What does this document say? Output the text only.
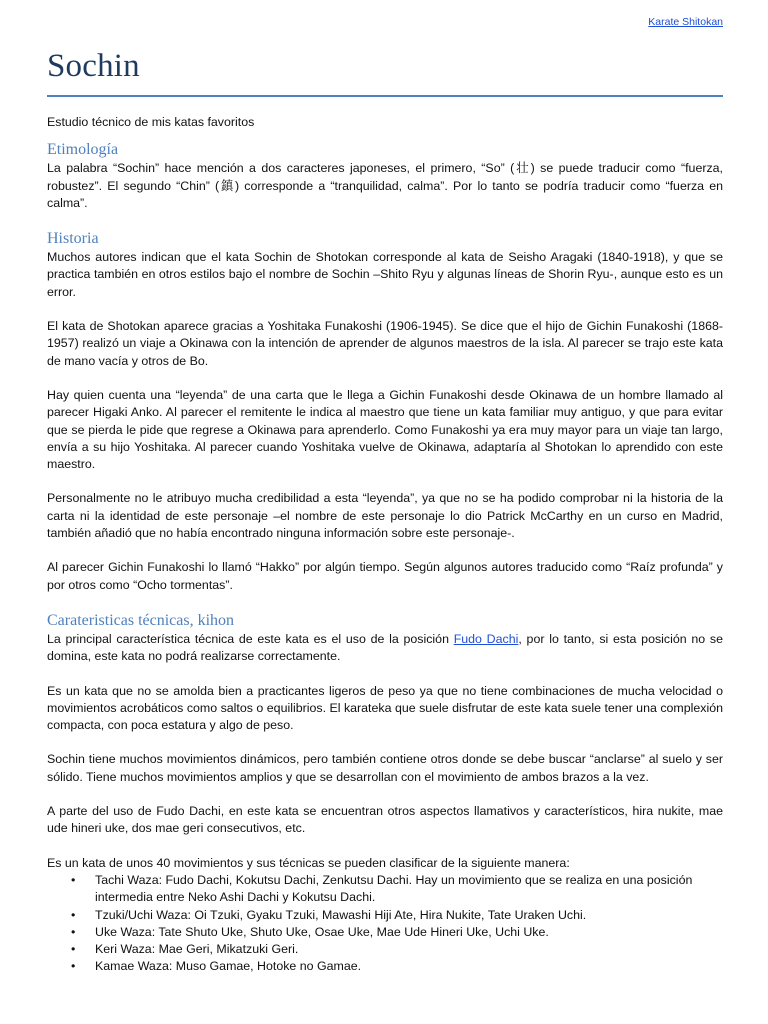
Karate Shitokan
Sochin

Estudio técnico de mis katas favoritos

Etimología

La palabra “Sochin” hace mención a dos caracteres japoneses, el primero, “So” (壮) se puede traducir como “fuerza, robustez”. El segundo “Chin” (鎮) corresponde a “tranquilidad, calma”. Por lo tanto se podría traducir como “fuerza en calma”.

Historia

Muchos autores indican que el kata Sochin de Shotokan corresponde al kata de Seisho Aragaki (1840-1918), y que se practica también en otros estilos bajo el nombre de Sochin –Shito Ryu y algunas líneas de Shorin Ryu-, aunque esto es un error.

El kata de Shotokan aparece gracias a Yoshitaka Funakoshi (1906-1945). Se dice que el hijo de Gichin Funakoshi (1868-1957) realizó un viaje a Okinawa con la intención de aprender de algunos maestros de la isla. Al parecer se trajo este kata de mano vacía y otros de Bo.

Hay quien cuenta una “leyenda” de una carta que le llega a Gichin Funakoshi desde Okinawa de un hombre llamado al parecer Higaki Anko. Al parecer el remitente le indica al maestro que tiene un kata familiar muy antiguo, y que para evitar que se pierda le pide que regrese a Okinawa para aprenderlo. Como Funakoshi ya era muy mayor para un viaje tan largo, envía a su hijo Yoshitaka. Al parecer cuando Yoshitaka vuelve de Okinawa, adaptaría al Shotokan lo aprendido con este maestro.

Personalmente no le atribuyo mucha credibilidad a esta “leyenda”, ya que no se ha podido comprobar ni la historia de la carta ni la identidad de este personaje –el nombre de este personaje lo dio Patrick McCarthy en un curso en Madrid, también añadió que no había encontrado ninguna información sobre este personaje-.

Al parecer Gichin Funakoshi lo llamó “Hakko” por algún tiempo. Según algunos autores traducido como “Raíz profunda” y por otros como “Ocho tormentas”.

Carateristicas técnicas, kihon

La principal característica técnica de este kata es el uso de la posición Fudo Dachi, por lo tanto, si esta posición no se domina, este kata no podrá realizarse correctamente.

Es un kata que no se amolda bien a practicantes ligeros de peso ya que no tiene combinaciones de mucha velocidad o movimientos acrobáticos como saltos o equilibrios. El karateka que suele disfrutar de este kata suele tener una complexión compacta, con poca estatura y algo de peso.

Sochin tiene muchos movimientos dinámicos, pero también contiene otros donde se debe buscar “anclarse” al suelo y ser sólido. Tiene muchos movimientos amplios y que se desarrollan con el movimiento de ambos brazos a la vez.

A parte del uso de Fudo Dachi, en este kata se encuentran otros aspectos llamativos y característicos, hira nukite, mae ude hineri uke, dos mae geri consecutivos, etc.

Es un kata de unos 40 movimientos y sus técnicas se pueden clasificar de la siguiente manera:

• Tachi Waza: Fudo Dachi, Kokutsu Dachi, Zenkutsu Dachi. Hay un movimiento que se realiza en una posición intermedia entre Neko Ashi Dachi y Kokutsu Dachi.
• Tzuki/Uchi Waza: Oi Tzuki, Gyaku Tzuki, Mawashi Hiji Ate, Hira Nukite, Tate Uraken Uchi.
• Uke Waza: Tate Shuto Uke, Shuto Uke, Osae Uke, Mae Ude Hineri Uke, Uchi Uke.
• Keri Waza: Mae Geri, Mikatzuki Geri.
• Kamae Waza: Muso Gamae, Hotoke no Gamae.
